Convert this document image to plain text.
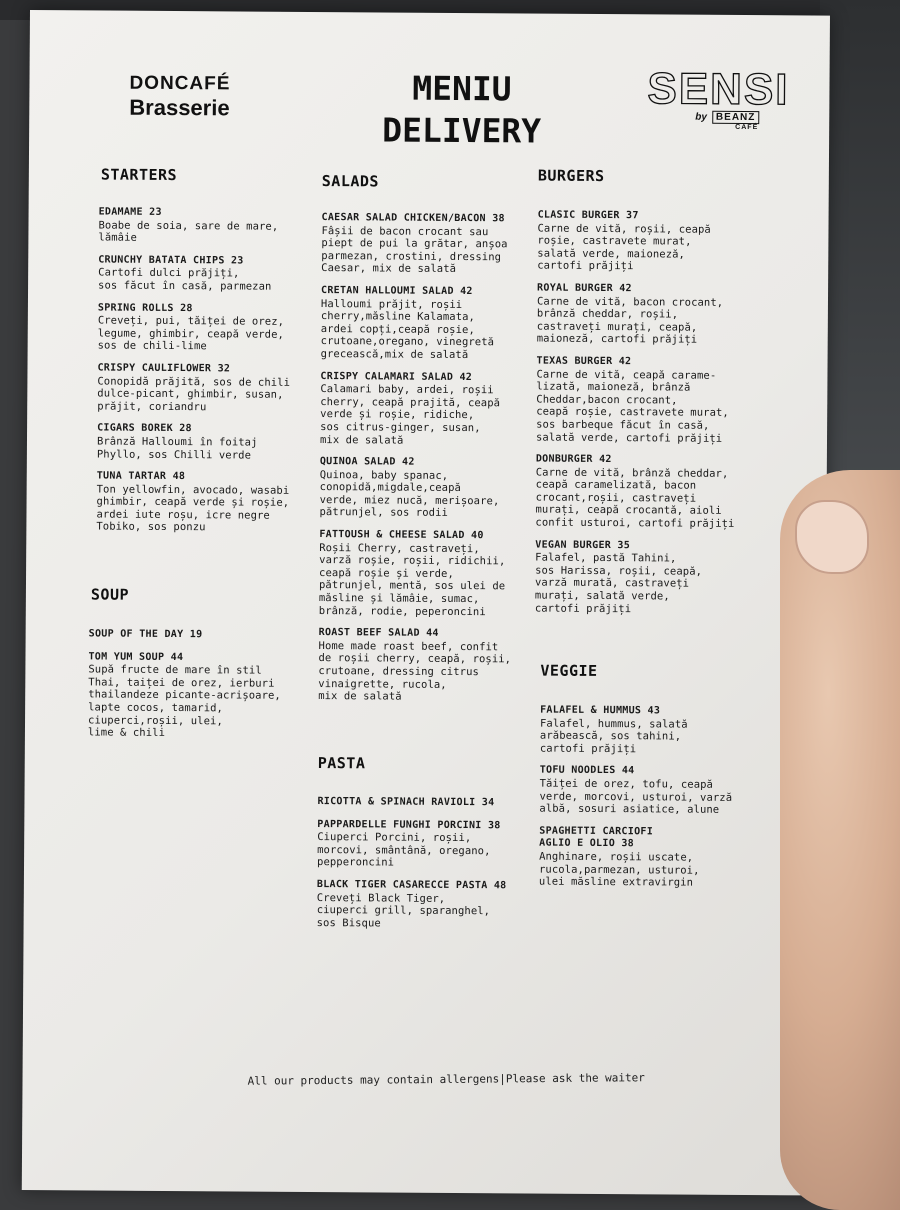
DONCAFÉ
Brasserie	MENIU
DELIVERY
SENSI
by BEANZ
CAFÉ
STARTERS
EDAMAME 23
Boabe de soia, sare de mare,
lămâie
CRUNCHY BATATA CHIPS 23
Cartofi dulci prăjiți,
sos făcut în casă, parmezan
SPRING ROLLS 28
Creveți, pui, tăiței de orez,
legume, ghimbir, ceapă verde,
sos de chili-lime
CRISPY CAULIFLOWER 32
Conopidă prăjită, sos de chili
dulce-picant, ghimbir, susan,
prăjit, coriandru
CIGARS BOREK 28
Brânză Halloumi în foitaj
Phyllo, sos Chilli verde
TUNA TARTAR 48
Ton yellowfin, avocado, wasabi
ghimbir, ceapă verde și roșie,
ardei iute roșu, icre negre
Tobiko, sos ponzu
SOUP
SOUP OF THE DAY 19
TOM YUM SOUP 44
Supă fructe de mare în stil
Thai, taiței de orez, ierburi
thailandeze picante-acrișoare,
lapte cocos, tamarid,
ciuperci,roșii, ulei,
lime & chili
SALADS
CAESAR SALAD CHICKEN/BACON 38
Fâșii de bacon crocant sau
piept de pui la grătar, anșoa
parmezan, crostini, dressing
Caesar, mix de salată
CRETAN HALLOUMI SALAD 42
Halloumi prăjit, roșii
cherry,măsline Kalamata,
ardei copți,ceapă roșie,
crutoane,oregano, vinegretă
grecească,mix de salată
CRISPY CALAMARI SALAD 42
Calamari baby, ardei, roșii
cherry, ceapă prajită, ceapă
verde și roșie, ridiche,
sos citrus-ginger, susan,
mix de salată
QUINOA SALAD 42
Quinoa, baby spanac,
conopidă,migdale,ceapă
verde, miez nucă, merișoare,
pătrunjel, sos rodii
FATTOUSH & CHEESE SALAD 40
Roșii Cherry, castraveți,
varză roșie, roșii, ridichii,
ceapă roșie și verde,
pătrunjel, mentă, sos ulei de
măsline și lămâie, sumac,
brânză, rodie, peperoncini
ROAST BEEF SALAD 44
Home made roast beef, confit
de roșii cherry, ceapă, roșii,
crutoane, dressing citrus
vinaigrette, rucola,
mix de salată
PASTA
RICOTTA & SPINACH RAVIOLI 34
PAPPARDELLE FUNGHI PORCINI 38
Ciuperci Porcini, roșii,
morcovi, smântână, oregano,
pepperoncini
BLACK TIGER CASARECCE PASTA 48
Creveți Black Tiger,
ciuperci grill, sparanghel,
sos Bisque
BURGERS
CLASIC BURGER 37
Carne de vită, roșii, ceapă
roșie, castravete murat,
salată verde, maioneză,
cartofi prăjiți
ROYAL BURGER 42
Carne de vită, bacon crocant,
brânză cheddar, roșii,
castraveți murați, ceapă,
maioneză, cartofi prăjiți
TEXAS BURGER 42
Carne de vită, ceapă carame-
lizată, maioneză, brânză
Cheddar,bacon crocant,
ceapă roșie, castravete murat,
sos barbeque făcut în casă,
salată verde, cartofi prăjiți
DONBURGER 42
Carne de vită, brânză cheddar,
ceapă caramelizată, bacon
crocant,roșii, castraveți
murați, ceapă crocantă, aioli
confit usturoi, cartofi prăjiți
VEGAN BURGER 35
Falafel, pastă Tahini,
sos Harissa, roșii, ceapă,
varză murată, castraveți
murați, salată verde,
cartofi prăjiți
VEGGIE
FALAFEL & HUMMUS 43
Falafel, hummus, salată
arăbească, sos tahini,
cartofi prăjiți
TOFU NOODLES 44
Tăiței de orez, tofu, ceapă
verde, morcovi, usturoi, varză
albă, sosuri asiatice, alune
SPAGHETTI CARCIOFI
AGLIO E OLIO 38
Anghinare, roșii uscate,
rucola,parmezan, usturoi,
ulei măsline extravirgin
All our products may contain allergens|Please ask the waiter
